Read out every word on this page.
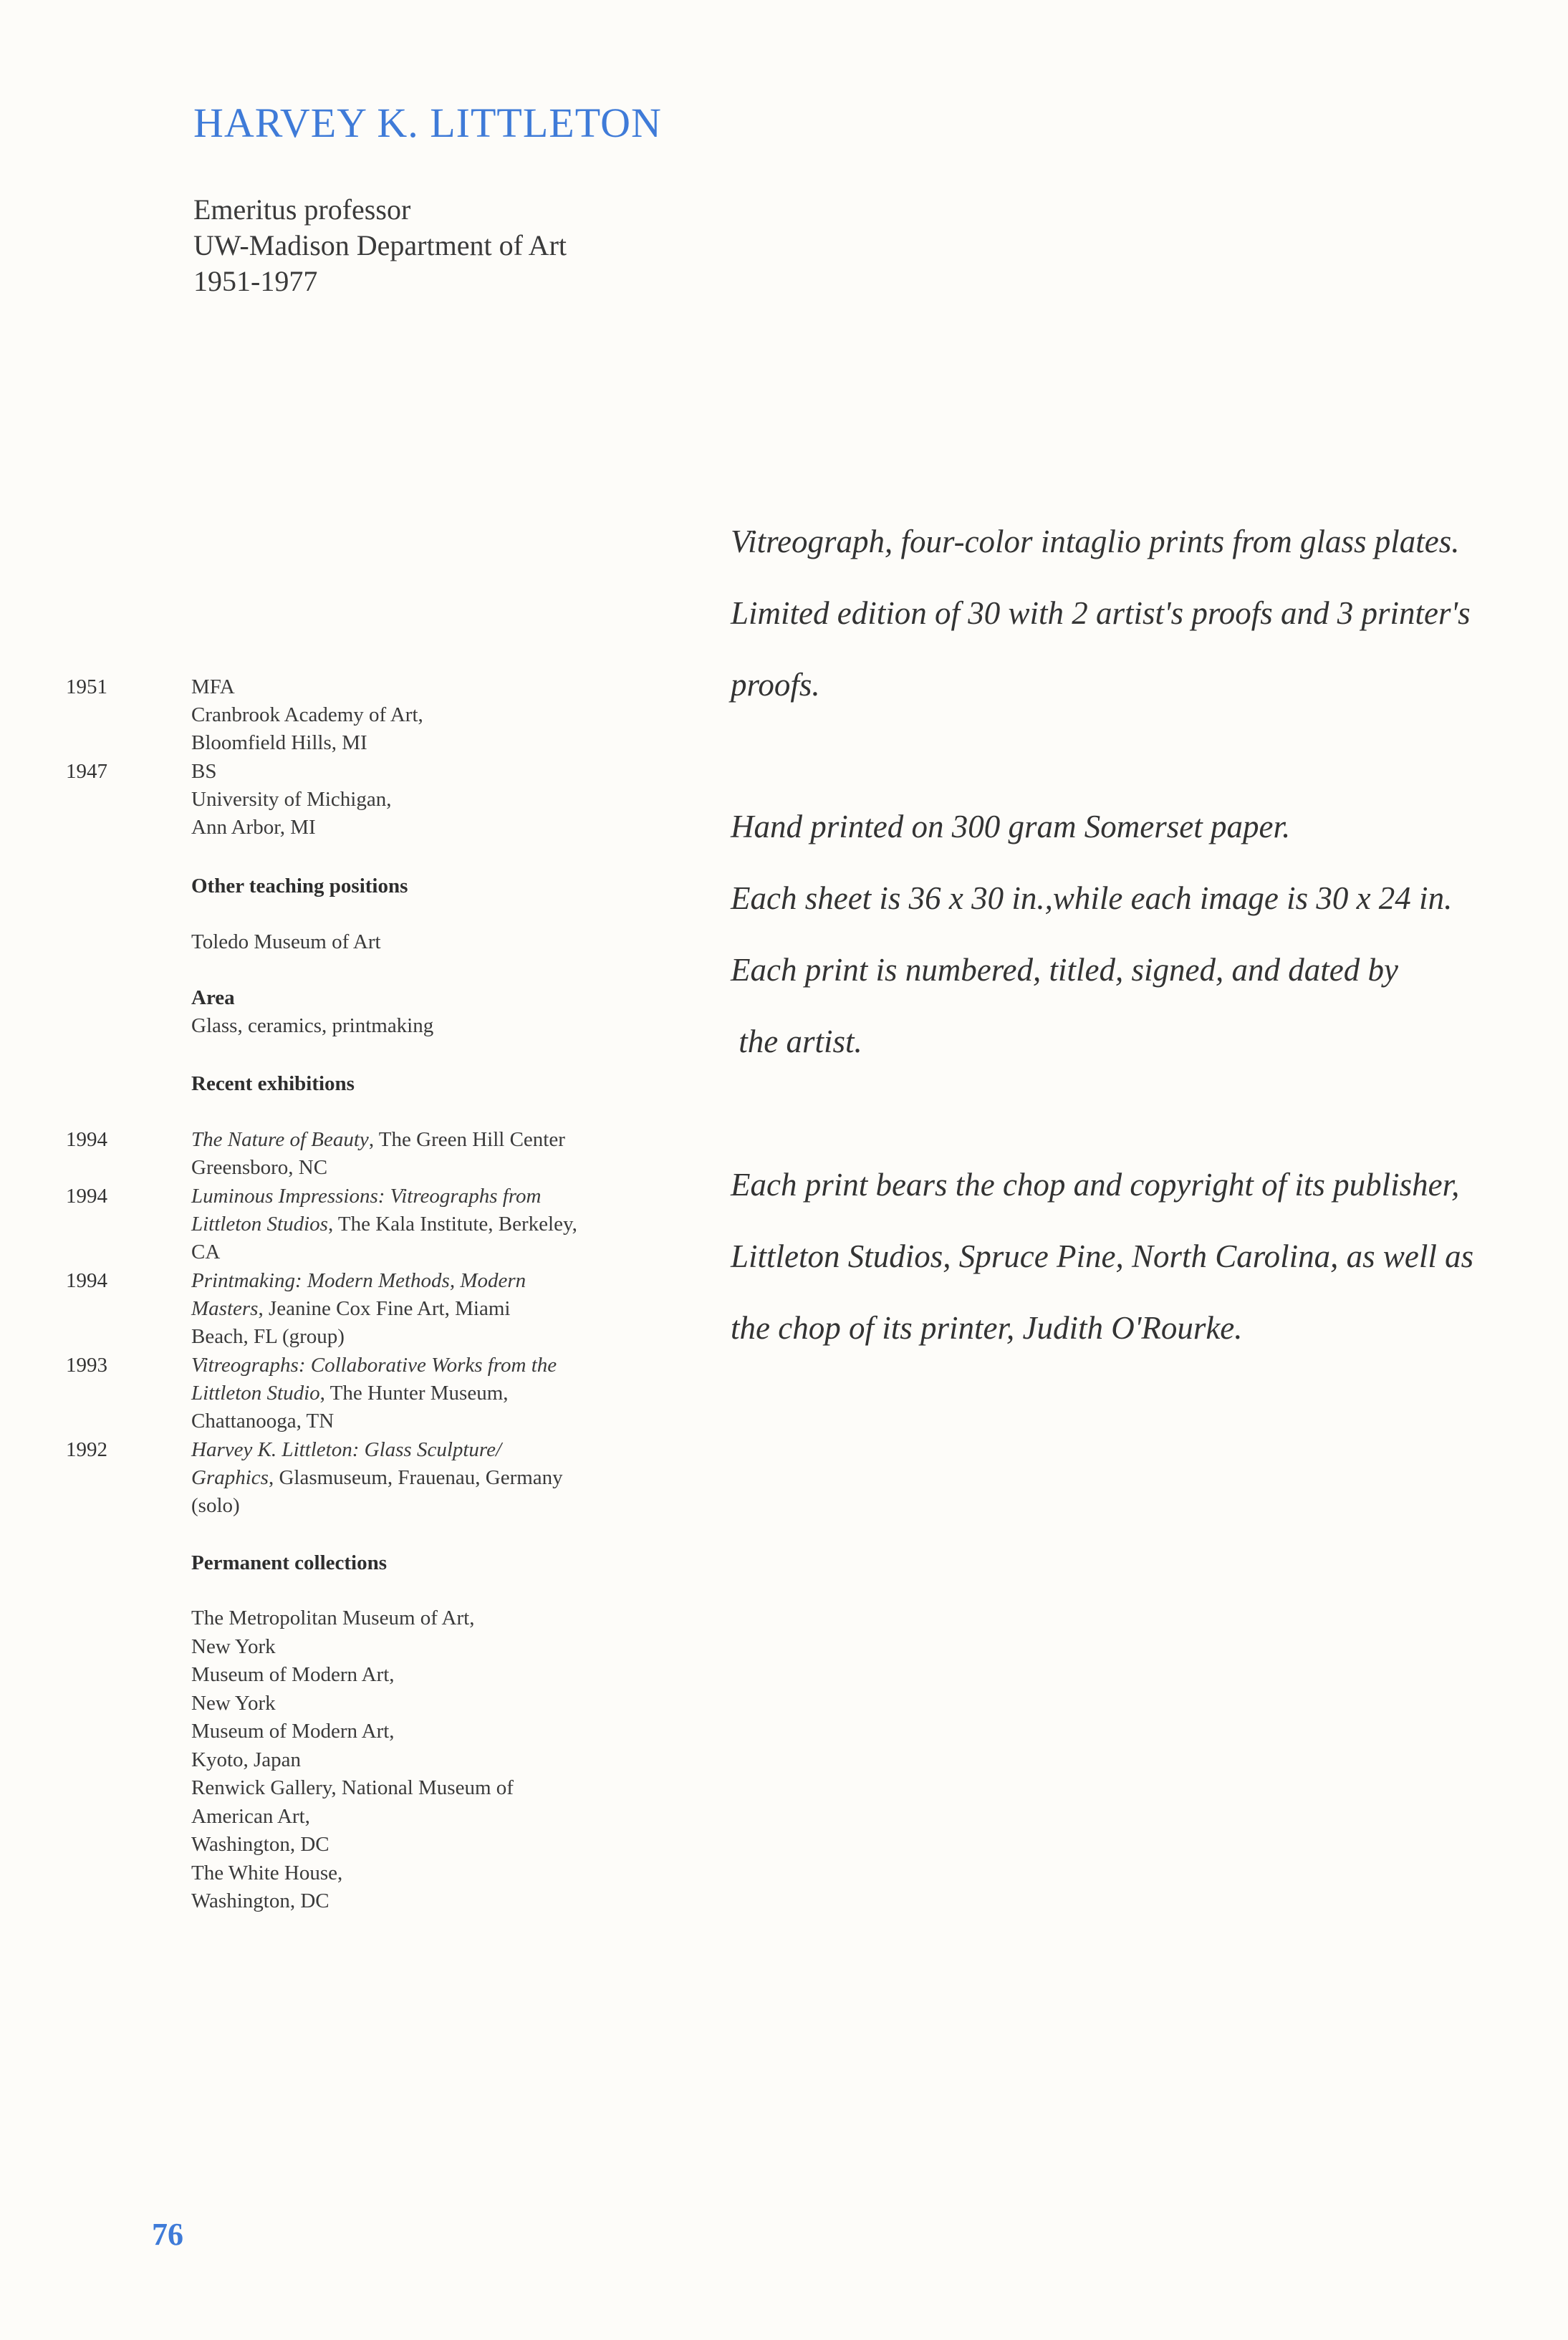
HARVEY K. LITTLETON
Emeritus professor
UW-Madison Department of Art
1951-1977
1951	MFA
Cranbrook Academy of Art,
Bloomfield Hills, MI
1947	BS
University of Michigan,
Ann Arbor, MI
Other teaching positions
Toledo Museum of Art
Area
Glass, ceramics, printmaking
Recent exhibitions
1994	The Nature of Beauty, The Green Hill Center Greensboro, NC
1994	Luminous Impressions: Vitreographs from Littleton Studios, The Kala Institute, Berkeley, CA
1994	Printmaking: Modern Methods, Modern Masters, Jeanine Cox Fine Art, Miami Beach, FL (group)
1993	Vitreographs: Collaborative Works from the Littleton Studio, The Hunter Museum, Chattanooga, TN
1992	Harvey K. Littleton: Glass Sculpture/ Graphics, Glasmuseum, Frauenau, Germany (solo)
Permanent collections
The Metropolitan Museum of Art,
New York
Museum of Modern Art,
New York
Museum of Modern Art,
Kyoto, Japan
Renwick Gallery, National Museum of
American Art,
Washington, DC
The White House,
Washington, DC
Vitreograph, four-color intaglio prints from glass plates.
Limited edition of 30 with 2 artist's proofs and 3 printer's
proofs.
Hand printed on 300 gram Somerset paper.
Each sheet is 36 x 30 in.,while each image is 30 x 24 in.
Each print is numbered, titled, signed, and dated by
the artist.
Each print bears the chop and copyright of its publisher,
Littleton Studios, Spruce Pine, North Carolina, as well as
the chop of its printer, Judith O'Rourke.
76
